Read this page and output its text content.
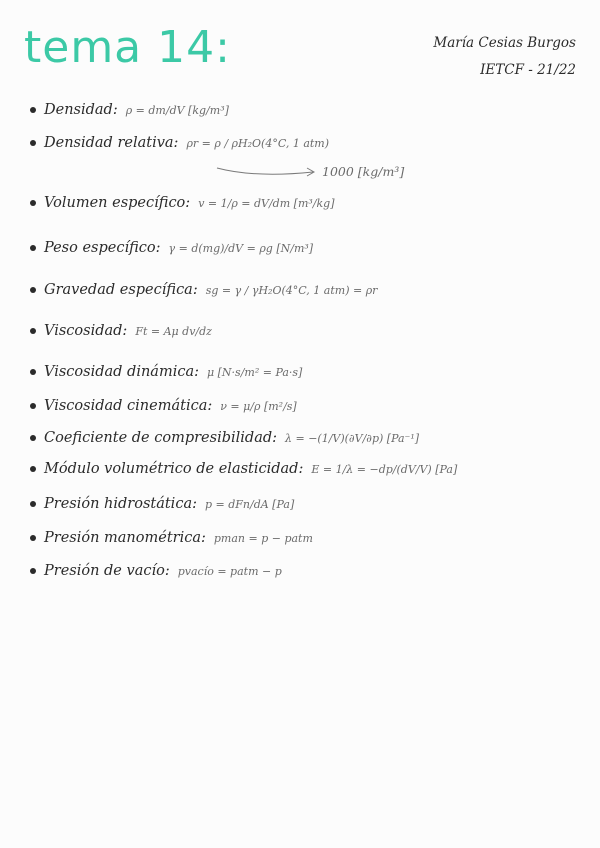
tema 14:	María Cesias Burgos
IETCF - 21/22
Densidad: ρ = dm/dV [kg/m³]
Densidad relativa: ρr = ρ / ρH₂O(4°C, 1 atm)
1000 [kg/m³]
Volumen específico: v = 1/ρ = dV/dm [m³/kg]
Peso específico: γ = d(mg)/dV = ρg [N/m³]
Gravedad específica: sg = γ / γH₂O(4°C, 1 atm) = ρr
Viscosidad: Ft = Aμ dv/dz
Viscosidad dinámica: μ [N·s/m² = Pa·s]
Viscosidad cinemática: ν = μ/ρ [m²/s]
Coeficiente de compresibilidad: λ = −(1/V)(∂V/∂p) [Pa⁻¹]
Módulo volumétrico de elasticidad: E = 1/λ = −dp/(dV/V) [Pa]
Presión hidrostática: p = dFn/dA [Pa]
Presión manométrica: pman = p − patm
Presión de vacío: pvacío = patm − p
